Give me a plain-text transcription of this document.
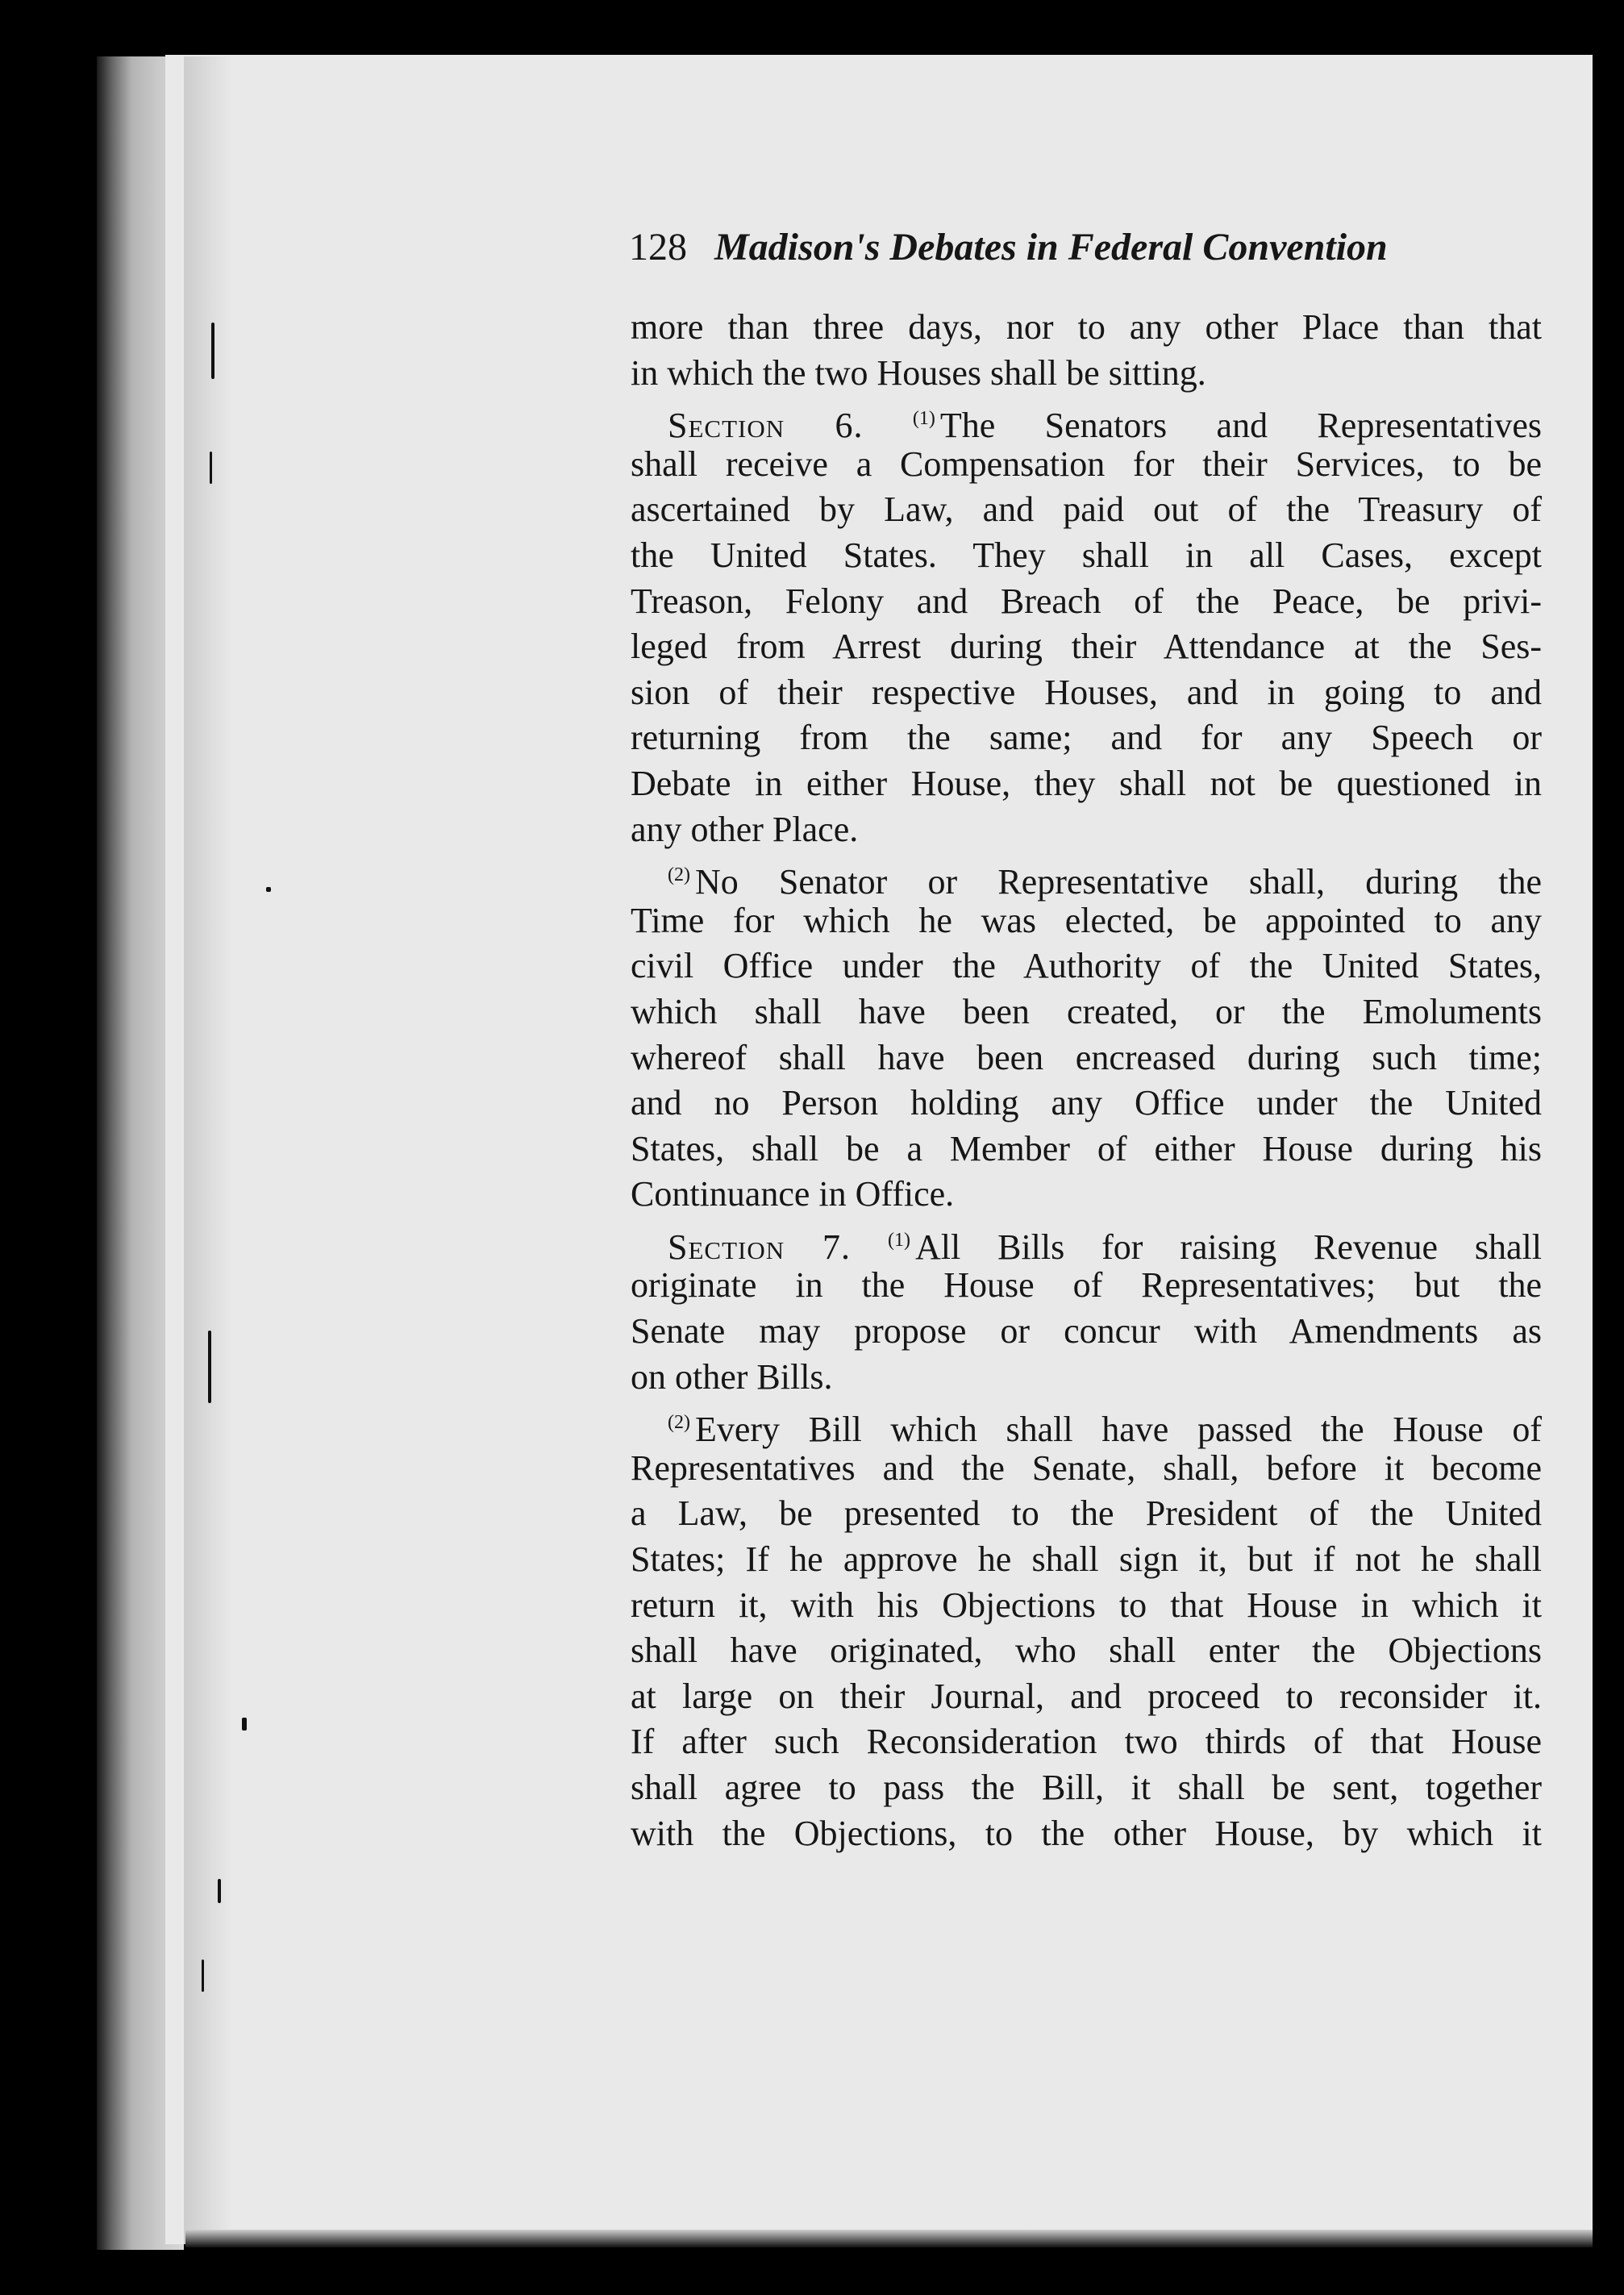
128 Madison's Debates in Federal Convention
more than three days, nor to any other Place than that
in which the two Houses shall be sitting.
Section 6.	$^{(1)}$ The Senators and Representatives
shall receive a Compensation for their Services, to be
ascertained by Law, and paid out of the Treasury of
the United States. They shall in all Cases, except
Treason, Felony and Breach of the Peace, be privi-
leged from Arrest during their Attendance at the Ses-
sion of their respective Houses, and in going to and
returning from the same; and for any Speech or
Debate in either House, they shall not be questioned in
any other Place.
$^{(2)}$ No Senator or Representative shall, during the
Time for which he was elected, be appointed to any
civil Office under the Authority of the United States,
which shall have been created, or the Emoluments
whereof shall have been encreased during such time;
and no Person holding any Office under the United
States, shall be a Member of either House during his
Continuance in Office.
Section 7. $^{(1)}$ All Bills for raising Revenue shall
originate in the House of Representatives; but the
Senate may propose or concur with Amendments as
on other Bills.
$^{(2)}$ Every Bill which shall have passed the House of
Representatives and the Senate, shall, before it become
a Law, be presented to the President of the United
States; If he approve he shall sign it, but if not he shall
return it, with his Objections to that House in which it
shall have originated, who shall enter the Objections
at large on their Journal, and proceed to reconsider it.
If after such Reconsideration two thirds of that House
shall agree to pass the Bill, it shall be sent, together
with the Objections, to the other House, by which it
